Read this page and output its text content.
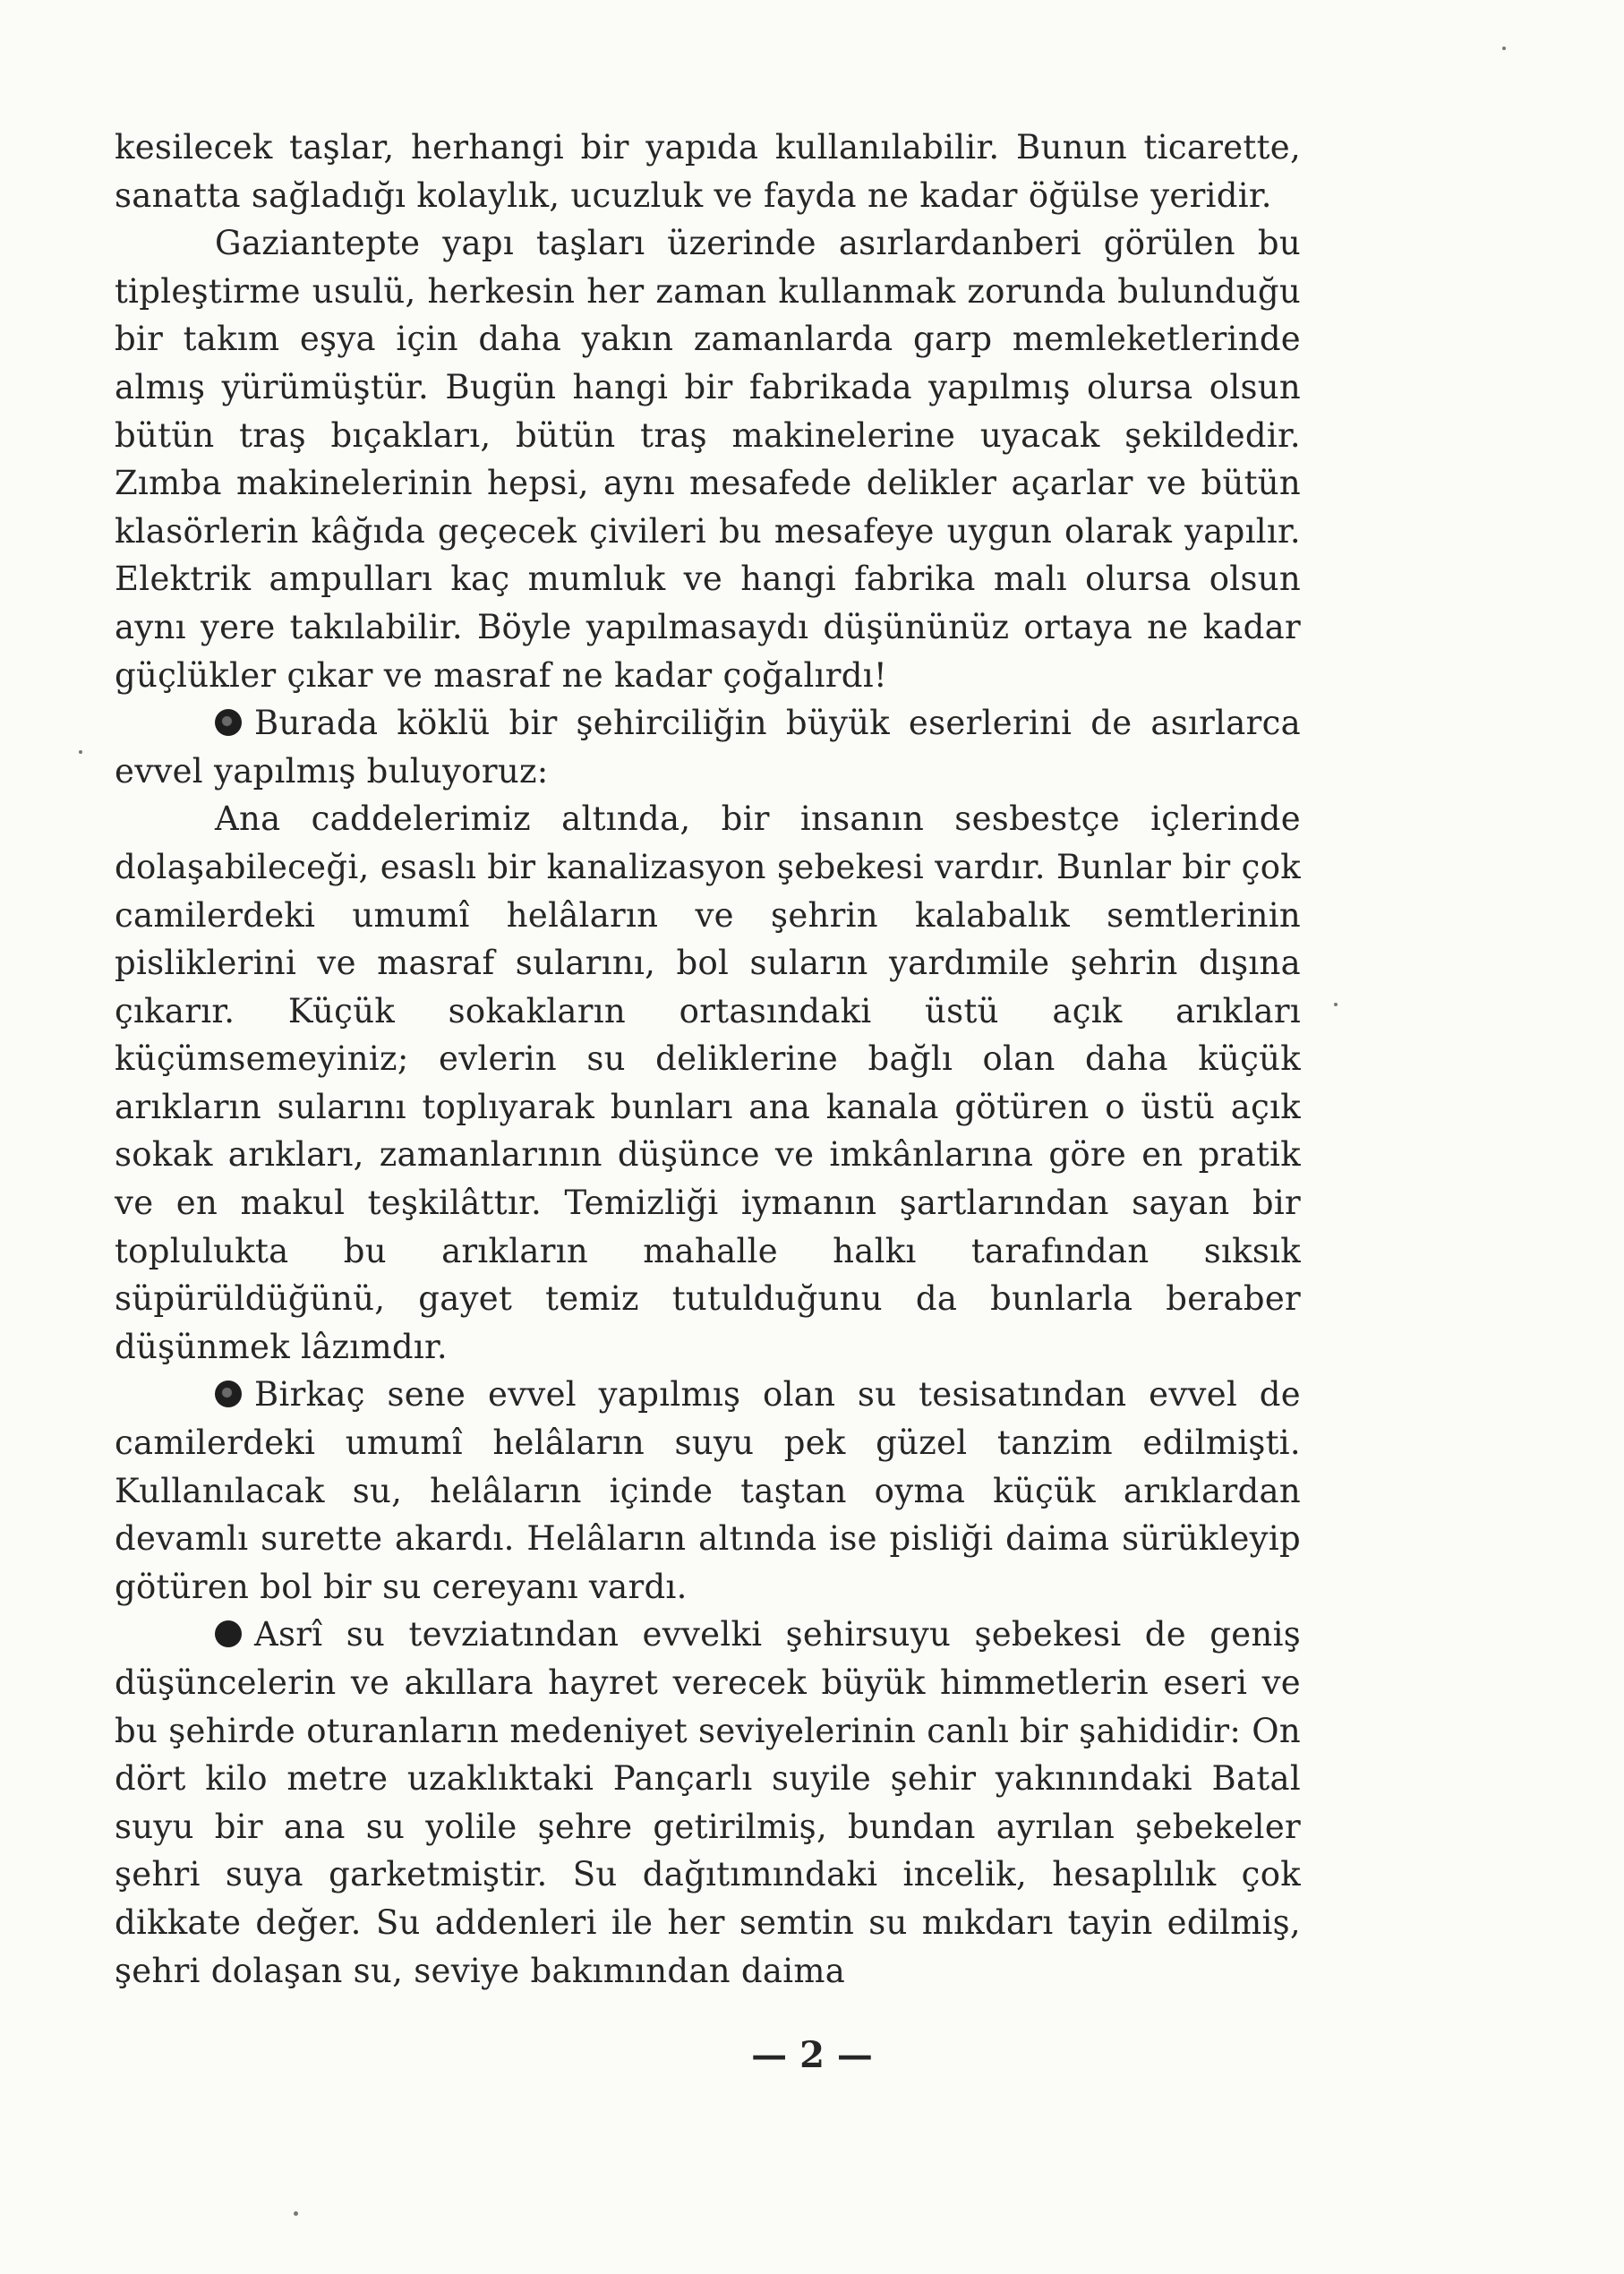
kesilecek taşlar, herhangi bir yapıda kullanılabilir. Bunun ticarette, sanatta sağladığı kolaylık, ucuzluk ve fayda ne kadar öğülse yeridir.

Gaziantepte yapı taşları üzerinde asırlardanberi görülen bu tipleştirme usulü, herkesin her zaman kullanmak zorunda bulunduğu bir takım eşya için daha yakın zamanlarda garp memleketlerinde almış yürümüştür. Bugün hangi bir fabrikada yapılmış olursa olsun bütün traş bıçakları, bütün traş makinelerine uyacak şekildedir. Zımba makinelerinin hepsi, aynı mesafede delikler açarlar ve bütün klasörlerin kâğıda geçecek çivileri bu mesafeye uygun olarak yapılır. Elektrik ampulları kaç mumluk ve hangi fabrika malı olursa olsun aynı yere takılabilir. Böyle yapılmasaydı düşününüz ortaya ne kadar güçlükler çıkar ve masraf ne kadar çoğalırdı!

Burada köklü bir şehirciliğin büyük eserlerini de asırlarca evvel yapılmış buluyoruz:

Ana caddelerimiz altında, bir insanın sesbestçe içlerinde dolaşabileceği, esaslı bir kanalizasyon şebekesi vardır. Bunlar bir çok camilerdeki umumî helâların ve şehrin kalabalık semtlerinin pisliklerini ve masraf sularını, bol suların yardımile şehrin dışına çıkarır. Küçük sokakların ortasındaki üstü açık arıkları küçümsemeyiniz; evlerin su deliklerine bağlı olan daha küçük arıkların sularını toplıyarak bunları ana kanala götüren o üstü açık sokak arıkları, zamanlarının düşünce ve imkânlarına göre en pratik ve en makul teşkilâttır. Temizliği iymanın şartlarından sayan bir toplulukta bu arıkların mahalle halkı tarafından sıksık süpürüldüğünü, gayet temiz tutulduğunu da bunlarla beraber düşünmek lâzımdır.

Birkaç sene evvel yapılmış olan su tesisatından evvel de camilerdeki umumî helâların suyu pek güzel tanzim edilmişti. Kullanılacak su, helâların içinde taştan oyma küçük arıklardan devamlı surette akardı. Helâların altında ise pisliği daima sürükleyip götüren bol bir su cereyanı vardı.

Asrî su tevziatından evvelki şehirsuyu şebekesi de geniş düşüncelerin ve akıllara hayret verecek büyük himmetlerin eseri ve bu şehirde oturanların medeniyet seviyelerinin canlı bir şahididir: On dört kilo metre uzaklıktaki Pançarlı suyile şehir yakınındaki Batal suyu bir ana su yolile şehre getirilmiş, bundan ayrılan şebekeler şehri suya garketmiştir. Su dağıtımındaki incelik, hesaplılık çok dikkate değer. Su addenleri ile her semtin su mıkdarı tayin edilmiş, şehri dolaşan su, seviye bakımından daima

— 2 —
